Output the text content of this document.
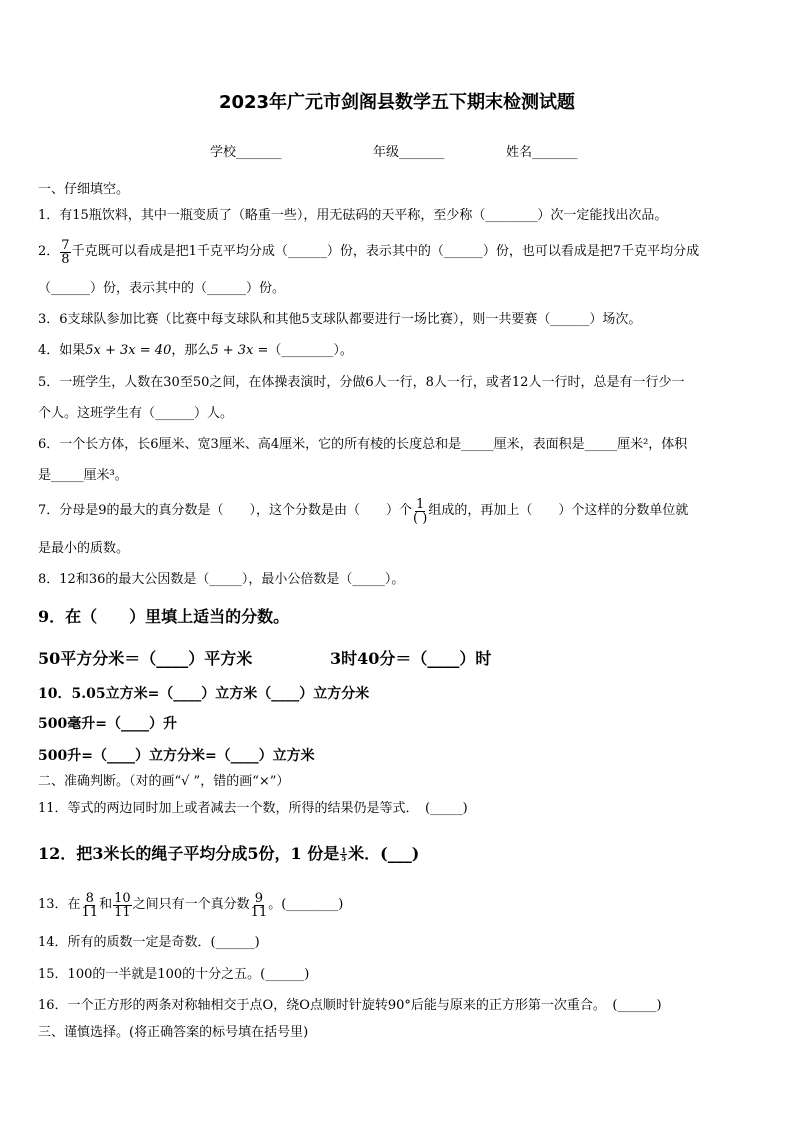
2023年广元市剑阁县数学五下期末检测试题
学校_______	年级_______	姓名_______
一、仔细填空。
1．有15瓶饮料，其中一瓶变质了（略重一些），用无砝码的天平称，至少称（________）次一定能找出次品。
2． $\frac{7}{8}$ 千克既可以看成是把1千克平均分成（______）份，表示其中的（______）份，也可以看成是把7千克平均分成
（______）份，表示其中的（______）份。
3．6支球队参加比赛（比赛中每支球队和其他5支球队都要进行一场比赛），则一共要赛（______）场次。
4．如果5x + 3x = 40，那么5 + 3x =（________）。
5．一班学生，人数在30至50之间，在体操表演时，分做6人一行，8人一行，或者12人一行时，总是有一行少一
个人。这班学生有（______）人。
6．一个长方体，长6厘米、宽3厘米、高4厘米，它的所有棱的长度总和是_____厘米，表面积是_____厘米²，体积
是_____厘米³。
7．分母是9的最大的真分数是（　　），这个分数是由（　　）个 $\frac{1}{( )}$ 组成的，再加上（　　）个这样的分数单位就
是最小的质数。
8．12和36的最大公因数是（_____），最小公倍数是（_____）。
9．在（　　）里填上适当的分数。
50平方分米＝（____）平方米	3时40分＝（____）时
10．5.05立方米=（____）立方米（____）立方分米
500毫升=（____）升
500升=（____）立方分米=（____）立方米
二、准确判断。（对的画“√ ”，错的画“×”）
11．等式的两边同时加上或者减去一个数，所得的结果仍是等式．　(_____)
12．把3米长的绳子平均分成5份，1 份是 $\frac{1}{5}$ 米．(___)
13．在 $\frac{8}{11}$ 和 $\frac{10}{11}$ 之间只有一个真分数 $\frac{9}{11}$ 。(________)
14．所有的质数一定是奇数．(______)
15．100的一半就是100的十分之五。(______)
16．一个正方形的两条对称轴相交于点O，绕O点顺时针旋转90°后能与原来的正方形第一次重合。　(______)
三、谨慎选择。(将正确答案的标号填在括号里)
